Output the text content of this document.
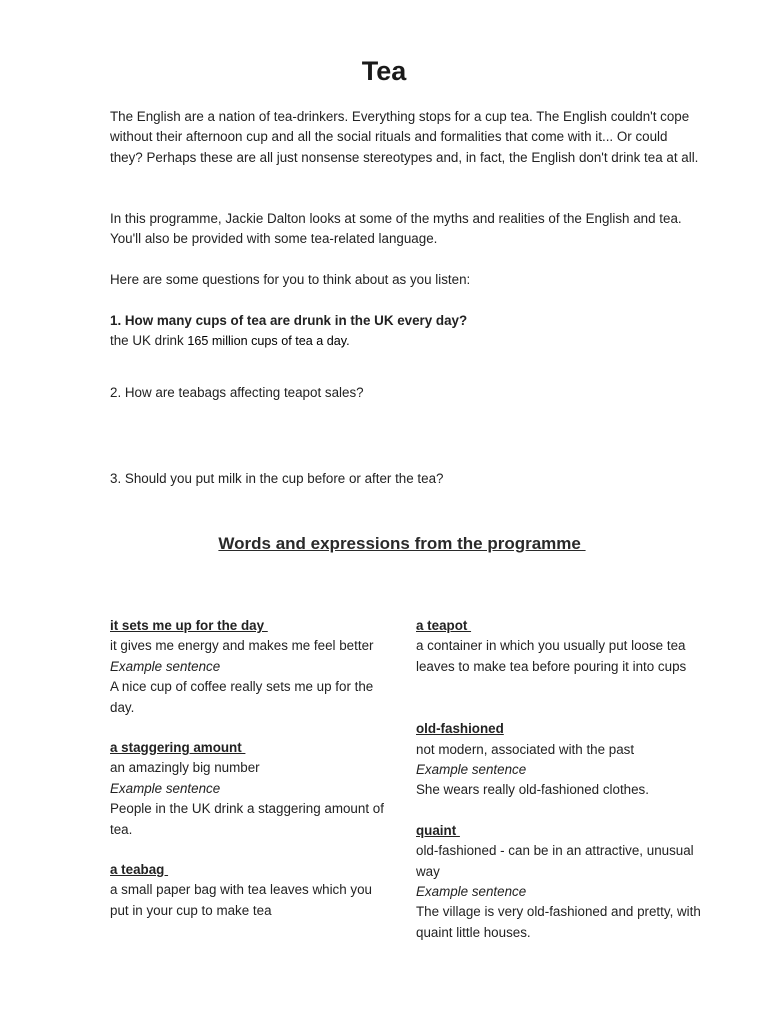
Tea

The English are a nation of tea-drinkers. Everything stops for a cup tea. The English couldn't cope without their afternoon cup and all the social rituals and formalities that come with it... Or could they? Perhaps these are all just nonsense stereotypes and, in fact, the English don't drink tea at all.

In this programme, Jackie Dalton looks at some of the myths and realities of the English and tea. You'll also be provided with some tea-related language.

Here are some questions for you to think about as you listen:

1. How many cups of tea are drunk in the UK every day?

the UK drink 165 million cups of tea a day.

2. How are teabags affecting teapot sales?

3. Should you put milk in the cup before or after the tea?

Words and expressions from the programme
it sets me up for the day
it gives me energy and makes me feel better
Example sentence
A nice cup of coffee really sets me up for the day.
a staggering amount
an amazingly big number
Example sentence
People in the UK drink a staggering amount of tea.
a teabag
a small paper bag with tea leaves which you put in your cup to make tea
a teapot
a container in which you usually put loose tea leaves to make tea before pouring it into cups
old-fashioned
not modern, associated with the past
Example sentence
She wears really old-fashioned clothes.
quaint
old-fashioned - can be in an attractive, unusual way
Example sentence
The village is very old-fashioned and pretty, with quaint little houses.
